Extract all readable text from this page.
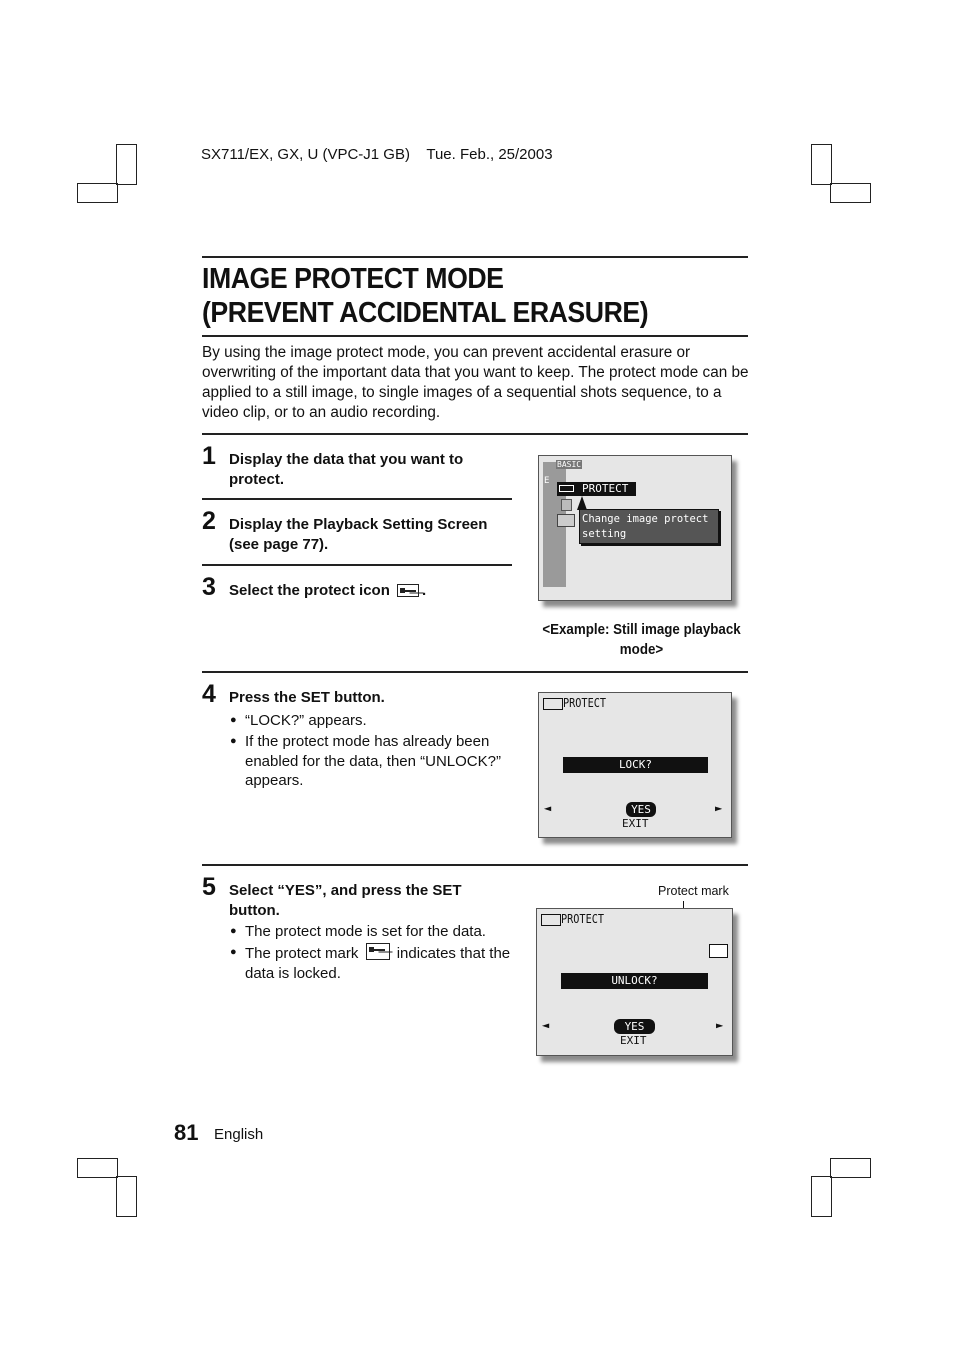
SX711/EX, GX, U (VPC-J1 GB) Tue. Feb., 25/2003
IMAGE PROTECT MODE
(PREVENT ACCIDENTAL ERASURE)
By using the image protect mode, you can prevent accidental erasure or overwriting of the important data that you want to keep. The protect mode can be applied to a still image, to single images of a sequential shots sequence, to a video clip, or to an audio recording.
1 Display the data that you want to protect.
2 Display the Playback Setting Screen (see page 77).
3 Select the protect icon .
BASIC
E
PROTECT
Change image protect
setting
<Example: Still image playback mode>
4 Press the SET button.
● “LOCK?” appears.
● If the protect mode has already been enabled for the data, then “UNLOCK?” appears.
PROTECT
LOCK?
◄	YES
EXIT
►
5 Select “YES”, and press the SET button.
● The protect mode is set for the data.
● The protect mark	indicates that the data is locked.
Protect mark
PROTECT
UNLOCK?
◄	YES
EXIT
►
81 English
